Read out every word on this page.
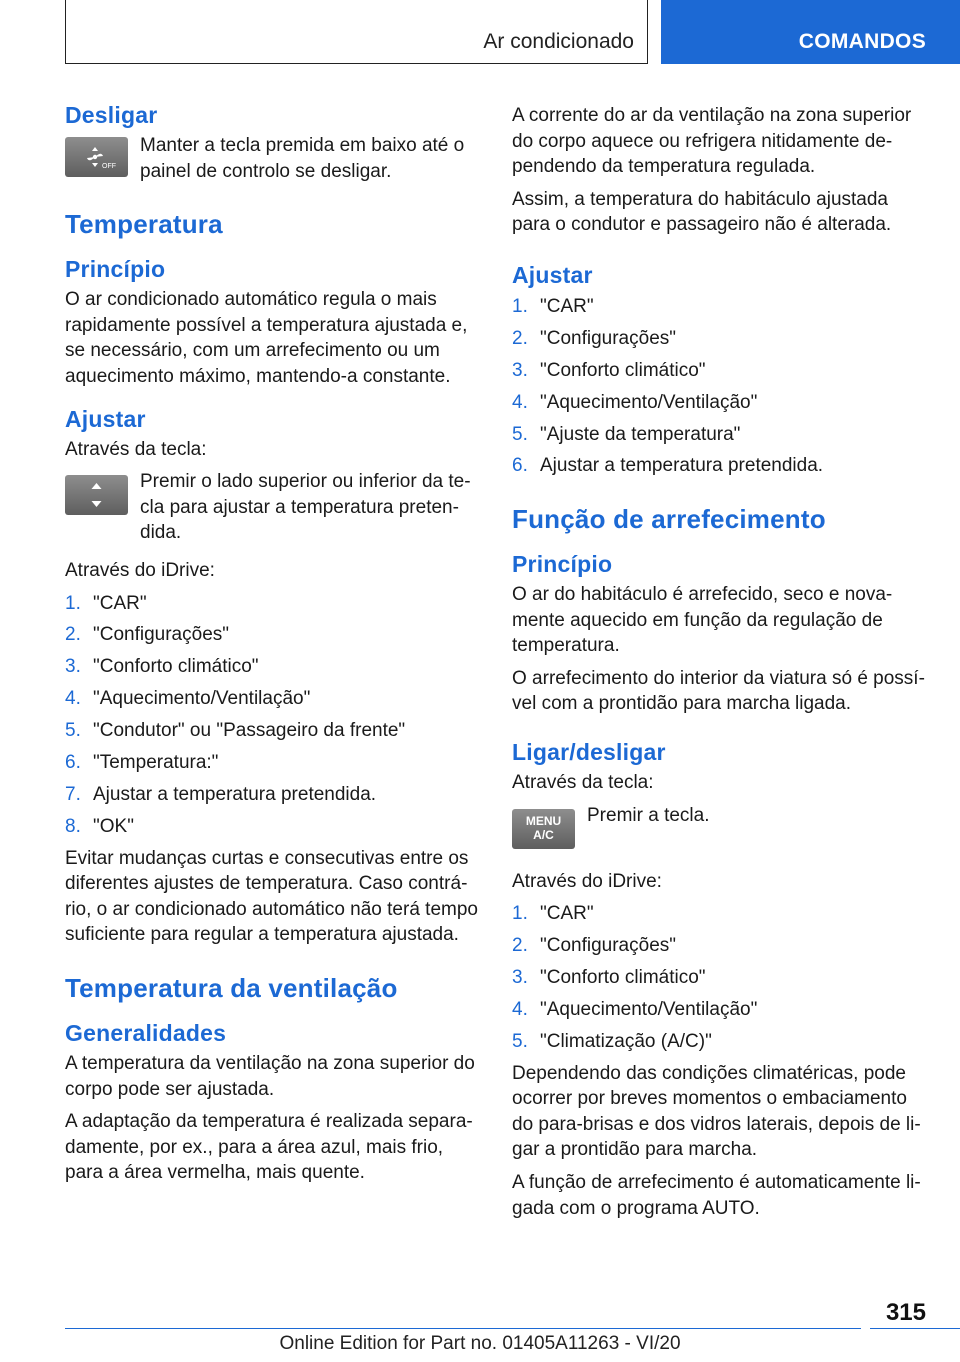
Ar condicionado	COMANDOS
Desligar
OFF
Manter a tecla premida em baixo até o painel de controlo se desligar.
Temperatura
Princípio

O ar condicionado automático regula o mais rapidamente possível a temperatura ajustada e, se necessário, com um arrefecimento ou um aquecimento máximo, mantendo-a constante.

Ajustar

Através da tecla:

Premir o lado superior ou inferior da tecla para ajustar a temperatura pretendida.

Através do iDrive:

1. "CAR"
2. "Configurações"
3. "Conforto climático"
4. "Aquecimento/Ventilação"
5. "Condutor" ou "Passageiro da frente"
6. "Temperatura:"
7. Ajustar a temperatura pretendida.
8. "OK"

Evitar mudanças curtas e consecutivas entre os diferentes ajustes de temperatura. Caso contrário, o ar condicionado automático não terá tempo suficiente para regular a temperatura ajustada.

Temperatura da ventilação
Generalidades

A temperatura da ventilação na zona superior do corpo pode ser ajustada.

A adaptação da temperatura é realizada separadamente, por ex., para a área azul, mais frio, para a área vermelha, mais quente.

A corrente do ar da ventilação na zona superior do corpo aquece ou refrigera nitidamente dependendo da temperatura regulada.

Assim, a temperatura do habitáculo ajustada para o condutor e passageiro não é alterada.

Ajustar
1. "CAR"
2. "Configurações"
3. "Conforto climático"
4. "Aquecimento/Ventilação"
5. "Ajuste da temperatura"
6. Ajustar a temperatura pretendida.
Função de arrefecimento
Princípio

O ar do habitáculo é arrefecido, seco e novamente aquecido em função da regulação de temperatura.

O arrefecimento do interior da viatura só é possível com a prontidão para marcha ligada.

Ligar/desligar

Através da tecla:

MENU
A/C
Premir a tecla.

Através do iDrive:

1. "CAR"
2. "Configurações"
3. "Conforto climático"
4. "Aquecimento/Ventilação"
5. "Climatização (A/C)"

Dependendo das condições climatéricas, pode ocorrer por breves momentos o embaciamento do para-brisas e dos vidros laterais, depois de ligar a prontidão para marcha.

A função de arrefecimento é automaticamente ligada com o programa AUTO.

315
Online Edition for Part no. 01405A11263 - VI/20
